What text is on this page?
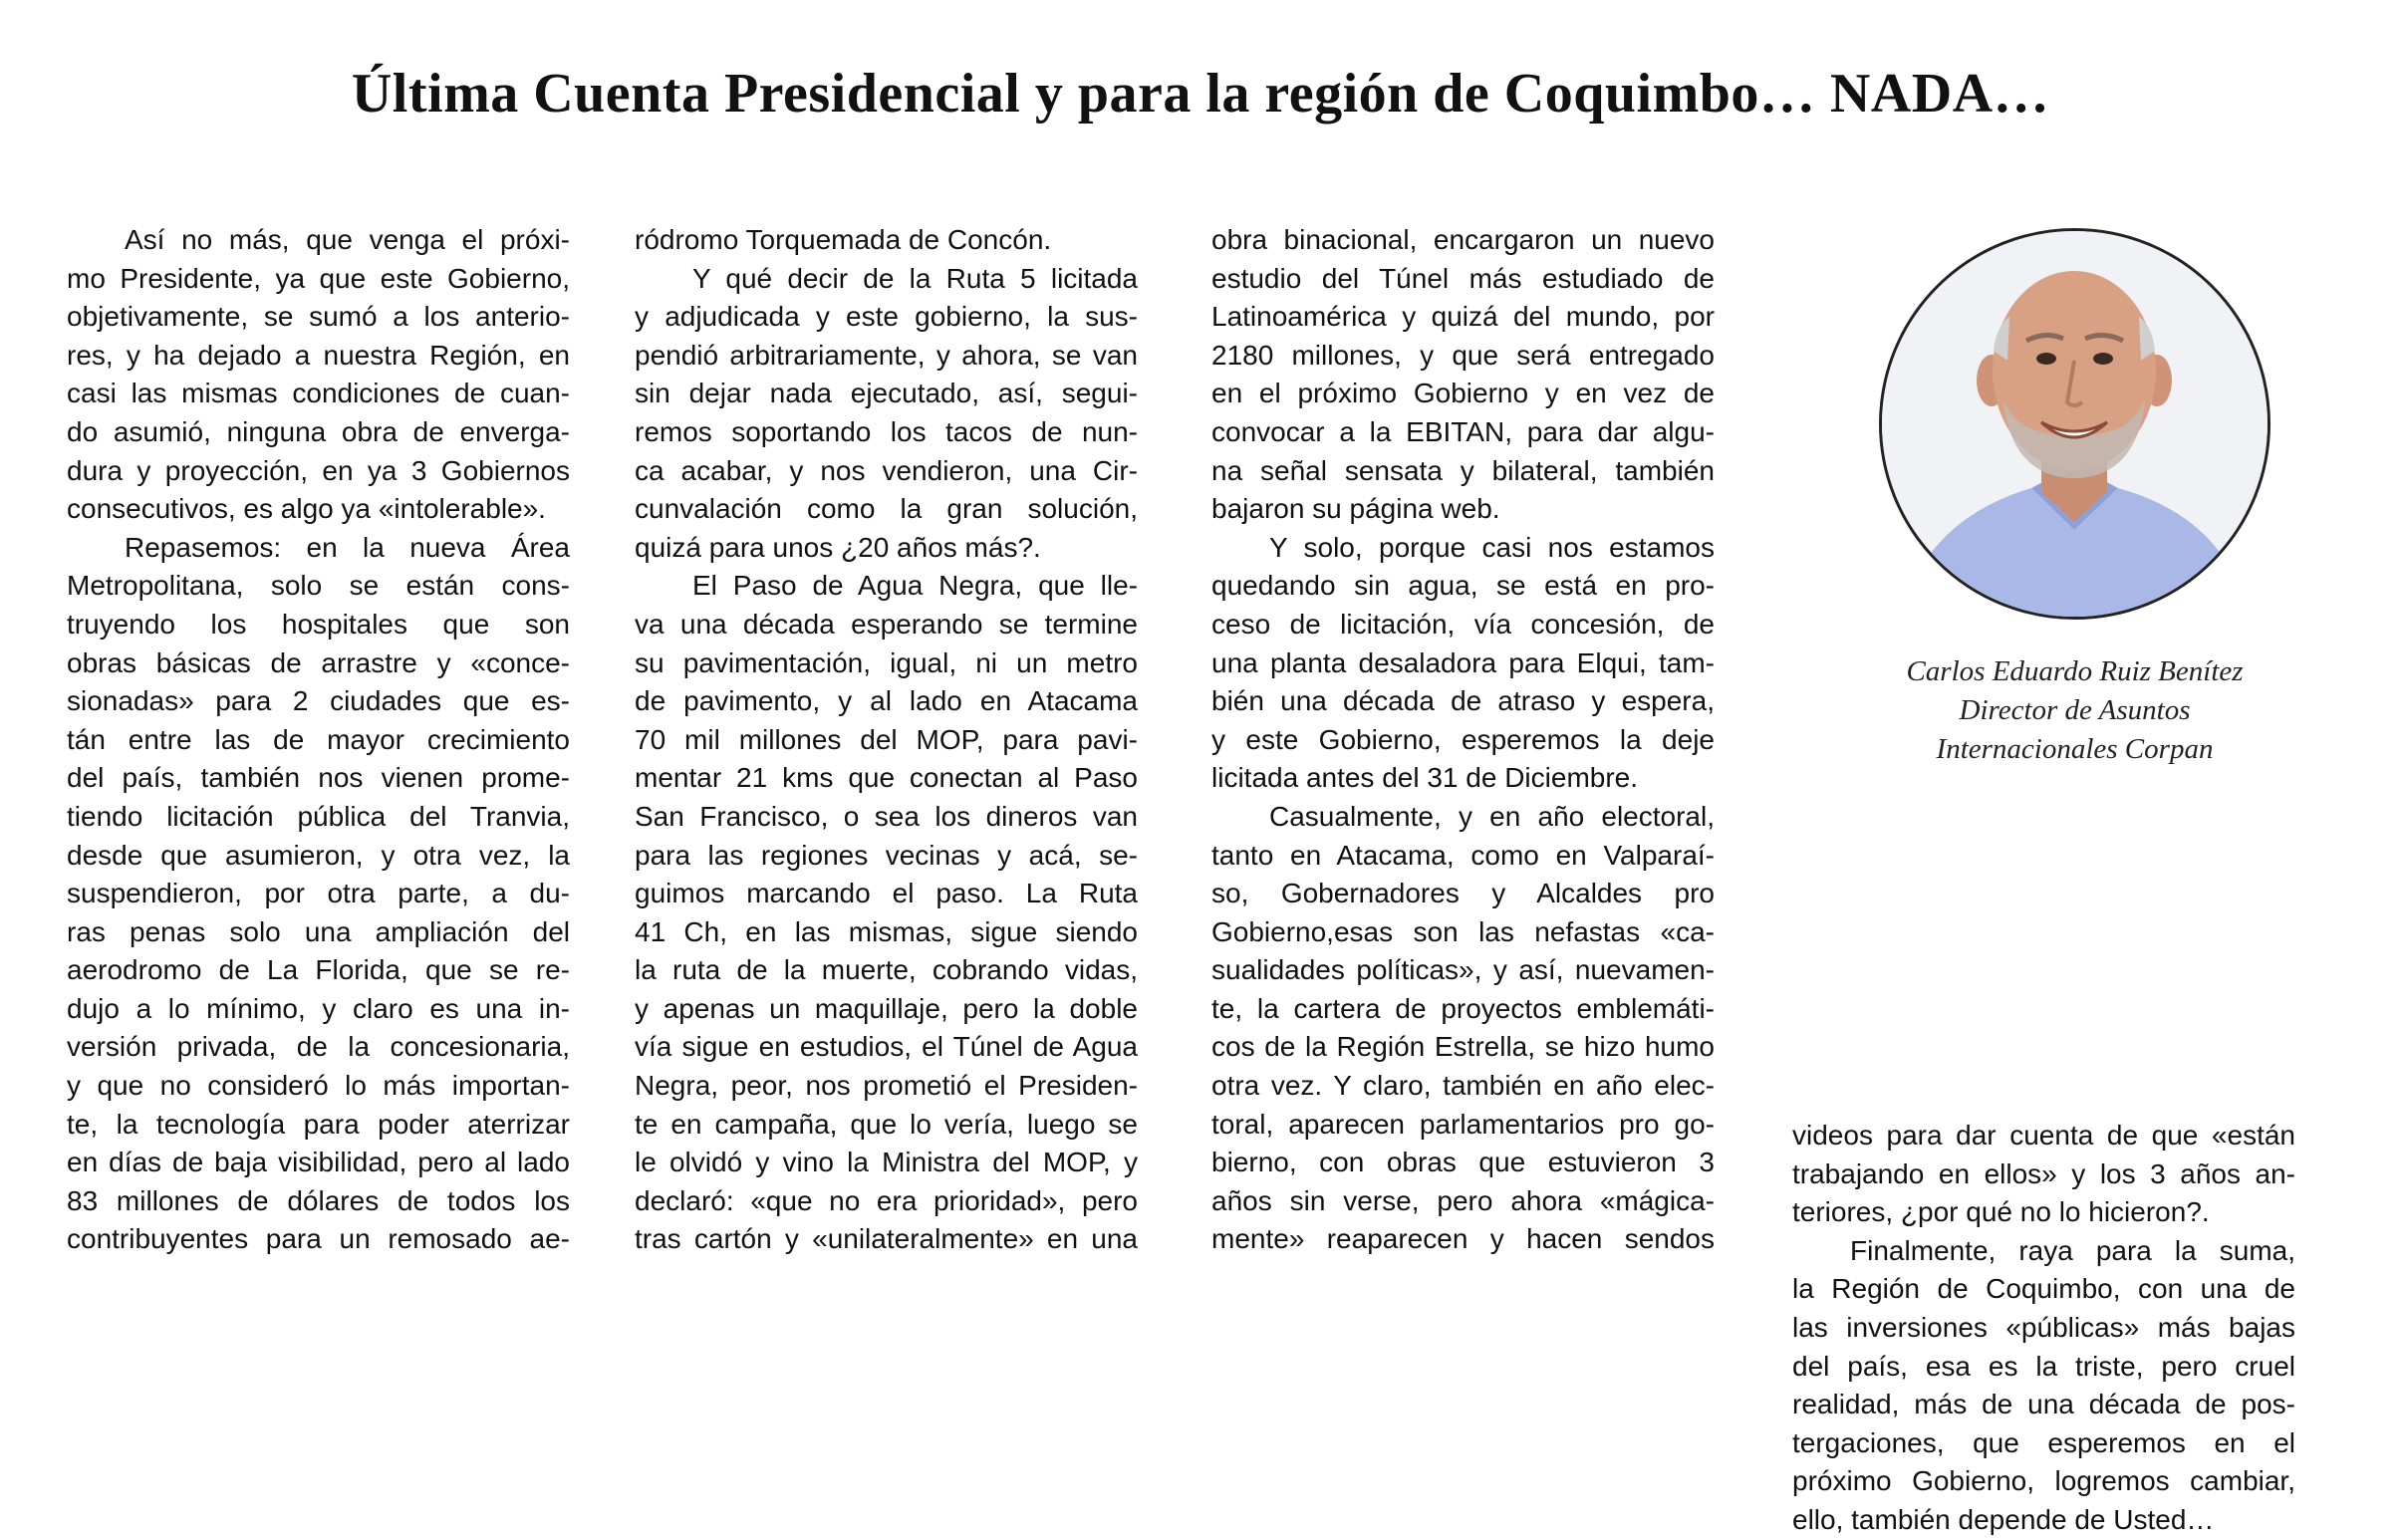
Última Cuenta Presidencial y para la región de Coquimbo… NADA…

Así no más, que venga el próxi-

mo Presidente, ya que este Gobierno,

objetivamente, se sumó a los anterio-

res, y ha dejado a nuestra Región, en

casi las mismas condiciones de cuan-

do asumió, ninguna obra de envergа-

dura y proyección, en ya 3 Gobiernos

consecutivos, es algo ya «intolerable».

Repasemos: en la nueva Área

Metropolitana, solo se están cons-

truyendo los hospitales que son

obras básicas de arrastre y «conce-

sionadas» para 2 ciudades que es-

tán entre las de mayor crecimiento

del país, también nos vienen prome-

tiendo licitación pública del Tranvia,

desde que asumieron, y otra vez, la

suspendieron, por otra parte, a du-

ras penas solo una ampliación del

aerodromo de La Florida, que se re-

dujo a lo mínimo, y claro es una in-

versión privada, de la concesionaria,

y que no consideró lo más importan-

te, la tecnología para poder aterrizar

en días de baja visibilidad, pero al lado

83 millones de dólares de todos los

contribuyentes para un remosado ae-

ródromo Torquemada de Concón.

Y qué decir de la Ruta 5 licitada

y adjudicada y este gobierno, la sus-

pendió arbitrariamente, y ahora, se van

sin dejar nada ejecutado, así, segui-

remos soportando los tacos de nun-

ca acabar, y nos vendieron, una Cir-

cunvalación como la gran solución,

quizá para unos ¿20 años más?.

El Paso de Agua Negra, que lle-

va una década esperando se termine

su pavimentación, igual, ni un metro

de pavimento, y al lado en Atacama

70 mil millones del MOP, para pavi-

mentar 21 kms que conectan al Paso

San Francisco, o sea los dineros van

para las regiones vecinas y acá, se-

guimos marcando el paso. La Ruta

41 Ch, en las mismas, sigue siendo

la ruta de la muerte, cobrando vidas,

y apenas un maquillaje, pero la doble

vía sigue en estudios, el Túnel de Agua

Negra, peor, nos prometió el Presiden-

te en campaña, que lo vería, luego se

le olvidó y vino la Ministra del MOP, y

declaró: «que no era prioridad», pero

tras cartón y «unilateralmente» en una

obra binacional, encargaron un nuevo

estudio del Túnel más estudiado de

Latinoamérica y quizá del mundo, por

2180 millones, y que será entregado

en el próximo Gobierno y en vez de

convocar a la EBITAN, para dar algu-

na señal sensata y bilateral, también

bajaron su página web.

Y solo, porque casi nos estamos

quedando sin agua, se está en pro-

ceso de licitación, vía concesión, de

una planta desaladora para Elqui, tam-

bién una década de atraso y espera,

y este Gobierno, esperemos la deje

licitada antes del 31 de Diciembre.

Casualmente, y en año electoral,

tanto en Atacama, como en Valparaí-

so, Gobernadores y Alcaldes pro

Gobierno,esas son las nefastas «ca-

sualidades políticas», y así, nuevamen-

te, la cartera de proyectos emblemáti-

cos de la Región Estrella, se hizo humo

otra vez. Y claro, también en año elec-

toral, aparecen parlamentarios pro go-

bierno, con obras que estuvieron 3

años sin verse, pero ahora «mágica-

mente» reaparecen y hacen sendos

videos para dar cuenta de que «están

trabajando en ellos» y los 3 años an-

teriores, ¿por qué no lo hicieron?.

Finalmente, raya para la suma,

la Región de Coquimbo, con una de

las inversiones «públicas» más bajas

del país, esa es la triste, pero cruel

realidad, más de una década de pos-

tergaciones, que esperemos en el

próximo Gobierno, logremos cambiar,

ello, también depende de Usted…

Carlos Eduardo Ruiz Benítez
Director de Asuntos
Internacionales Corpan
